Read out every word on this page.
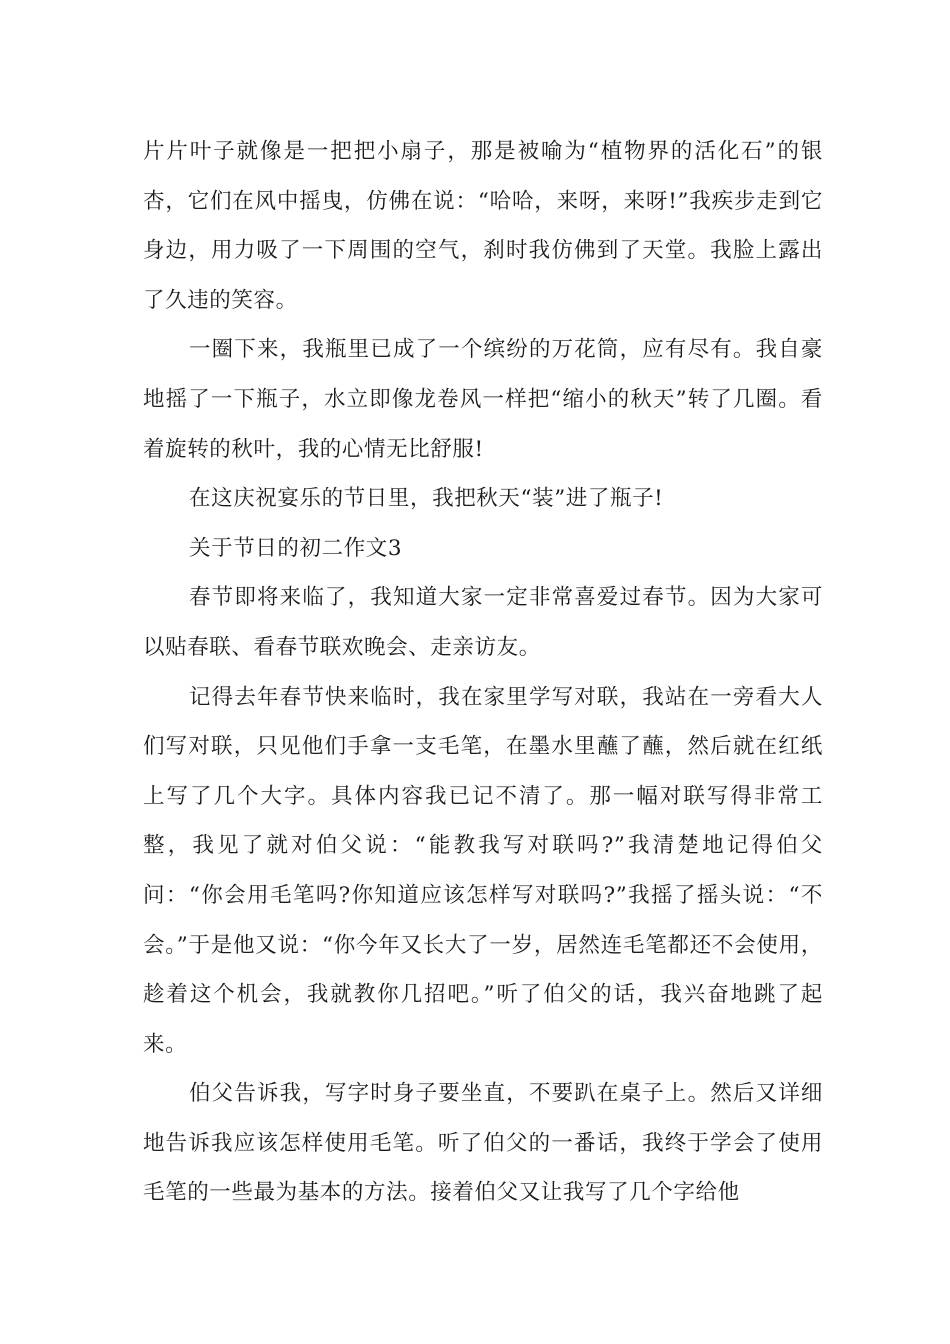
片片叶子就像是一把把小扇子，那是被喻为“植物界的活化石”的银杏，它们在风中摇曳，仿佛在说：“哈哈，来呀，来呀!”我疾步走到它身边，用力吸了一下周围的空气，刹时我仿佛到了天堂。我脸上露出了久违的笑容。

一圈下来，我瓶里已成了一个缤纷的万花筒，应有尽有。我自豪地摇了一下瓶子，水立即像龙卷风一样把“缩小的秋天”转了几圈。看着旋转的秋叶，我的心情无比舒服!

在这庆祝宴乐的节日里，我把秋天“装”进了瓶子!

关于节日的初二作文3

春节即将来临了，我知道大家一定非常喜爱过春节。因为大家可以贴春联、看春节联欢晚会、走亲访友。

记得去年春节快来临时，我在家里学写对联，我站在一旁看大人们写对联，只见他们手拿一支毛笔，在墨水里蘸了蘸，然后就在红纸上写了几个大字。具体内容我已记不清了。那一幅对联写得非常工整，我见了就对伯父说：“能教我写对联吗?”我清楚地记得伯父问：“你会用毛笔吗?你知道应该怎样写对联吗?”我摇了摇头说：“不会。”于是他又说：“你今年又长大了一岁，居然连毛笔都还不会使用，趁着这个机会，我就教你几招吧。”听了伯父的话，我兴奋地跳了起来。

伯父告诉我，写字时身子要坐直，不要趴在桌子上。然后又详细地告诉我应该怎样使用毛笔。听了伯父的一番话，我终于学会了使用毛笔的一些最为基本的方法。接着伯父又让我写了几个字给他
